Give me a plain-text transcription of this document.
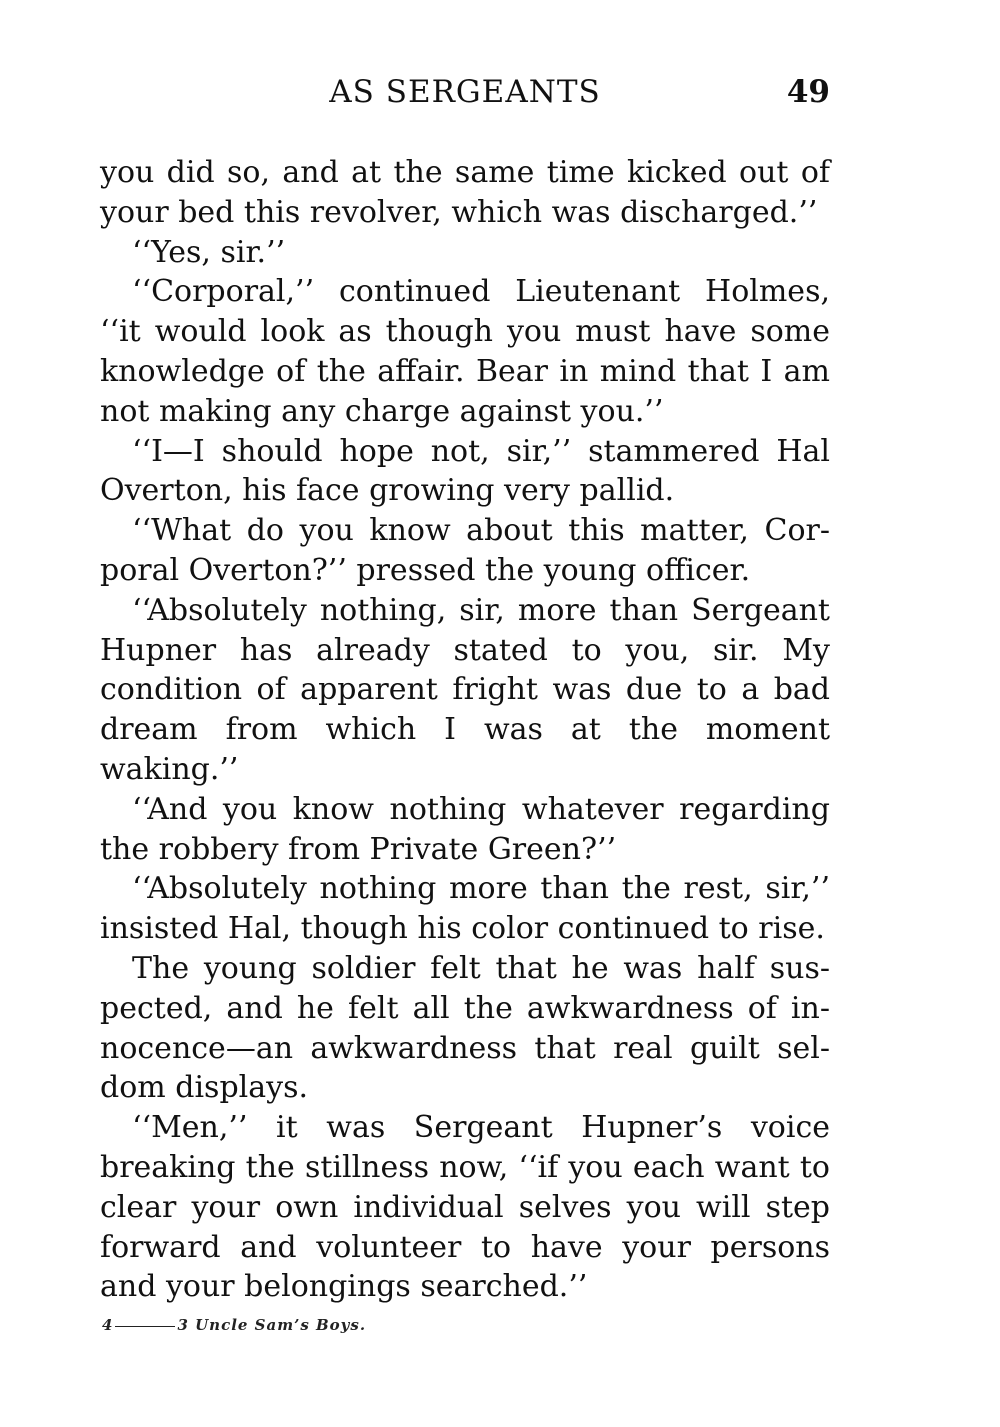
AS SERGEANTS	49

you did so, and at the same time kicked out of your bed this revolver, which was discharged.’’

‘‘Yes, sir.’’

‘‘Corporal,’’ continued Lieutenant Holmes, ‘‘it would look as though you must have some knowledge of the affair. Bear in mind that I am not making any charge against you.’’

‘‘I—I should hope not, sir,’’ stammered Hal Overton, his face growing very pallid.

‘‘What do you know about this matter, Corporal Overton?’’ pressed the young officer.

‘‘Absolutely nothing, sir, more than Sergeant Hupner has already stated to you, sir. My condition of apparent fright was due to a bad dream from which I was at the moment waking.’’

‘‘And you know nothing whatever regarding the robbery from Private Green?’’

‘‘Absolutely nothing more than the rest, sir,’’ insisted Hal, though his color continued to rise.

The young soldier felt that he was half suspected, and he felt all the awkwardness of innocence—an awkwardness that real guilt seldom displays.

‘‘Men,’’ it was Sergeant Hupner’s voice breaking the stillness now, ‘‘if you each want to clear your own individual selves you will step forward and volunteer to have your persons and your belongings searched.’’

4	3 Uncle Sam’s Boys.
